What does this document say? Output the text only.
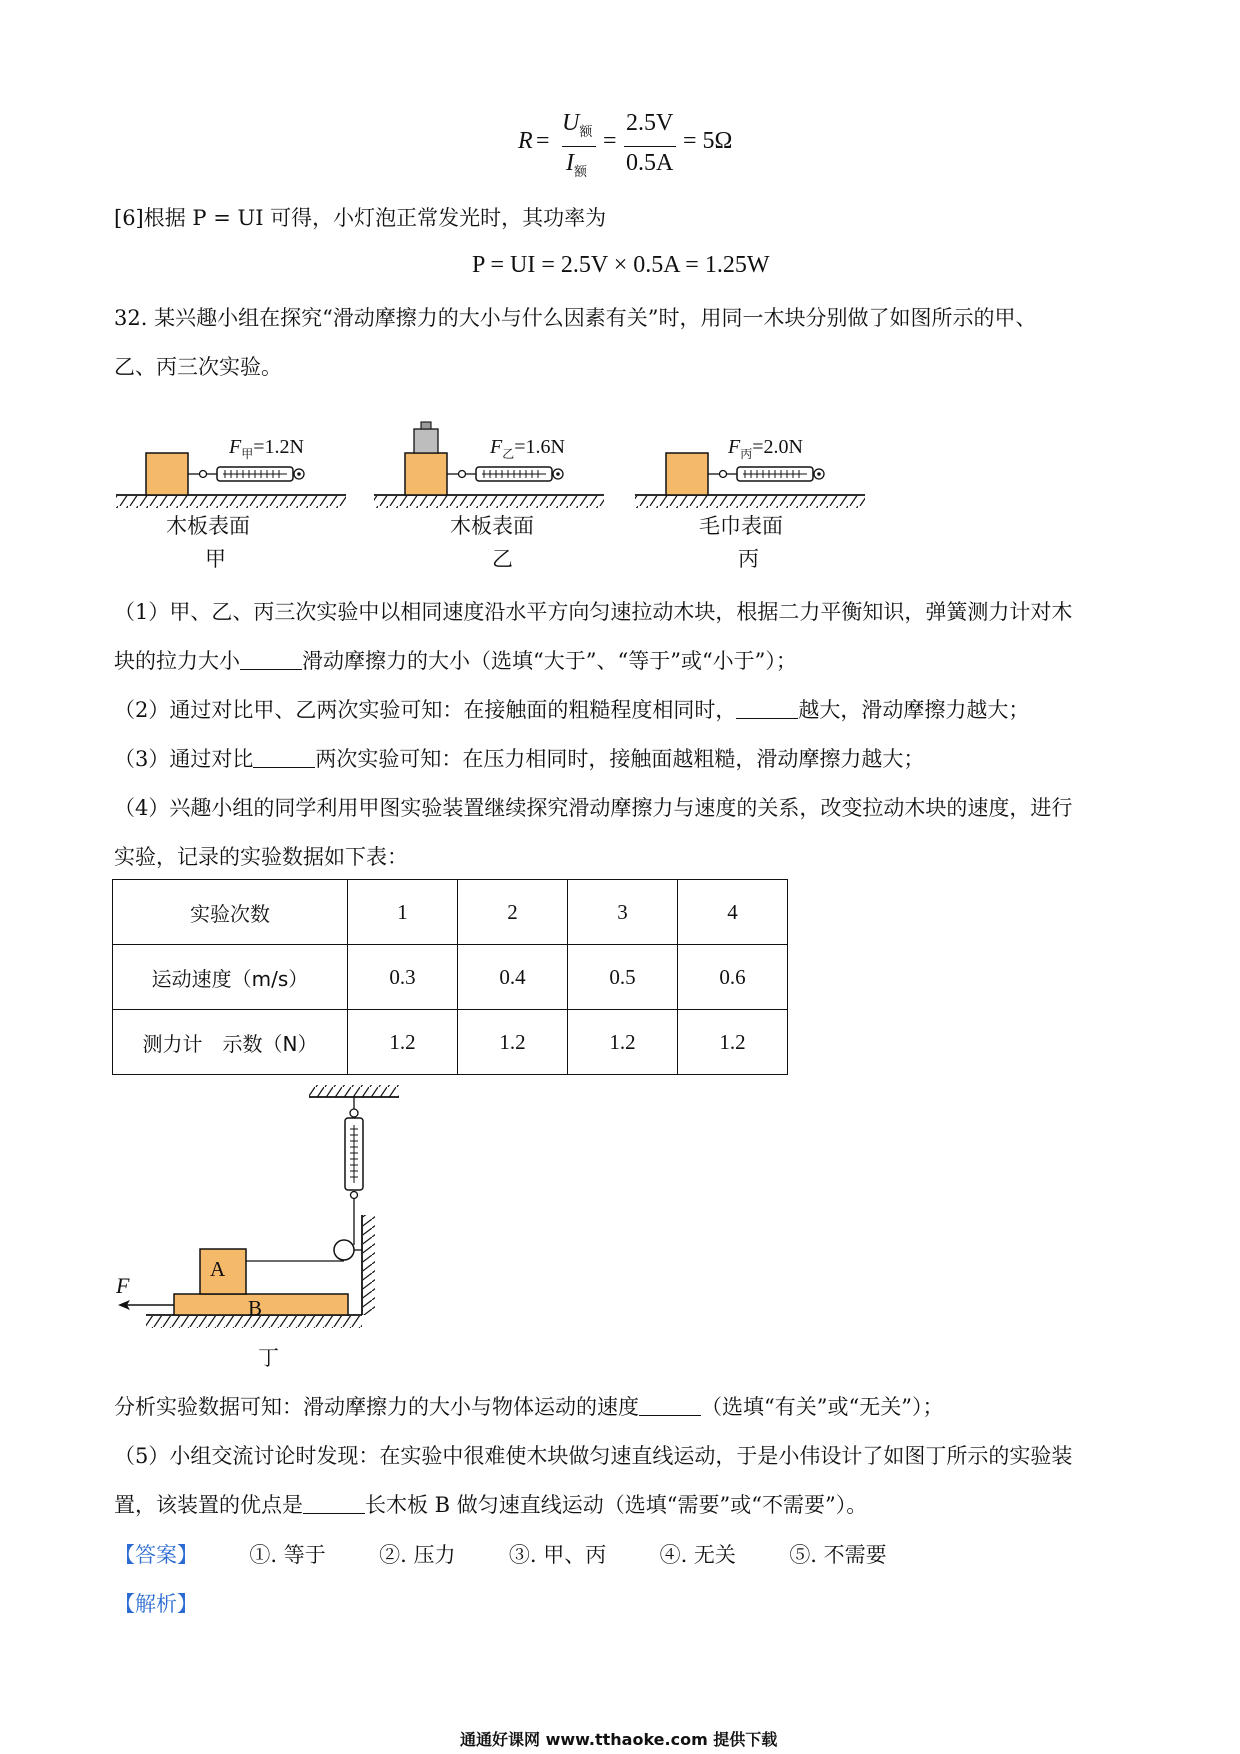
R =
$U_额$
$I_额$
=
2.5V
0.5A
= 5Ω
[6]根据 P = UI 可得，小灯泡正常发光时，其功率为
P = UI = 2.5V × 0.5A = 1.25W
32. 某兴趣小组在探究“滑动摩擦力的大小与什么因素有关”时，用同一木块分别做了如图所示的甲、
乙、丙三次实验。
$F_甲=1.2N$	$F_乙=1.6N$	$F_丙=2.0N$
木板表面	木板表面	毛巾表面
甲	乙	丙
（1）甲、乙、丙三次实验中以相同速度沿水平方向匀速拉动木块，根据二力平衡知识，弹簧测力计对木
块的拉力大小	滑动摩擦力的大小（选填“大于”、“等于”或“小于”）；
（2）通过对比甲、乙两次实验可知：在接触面的粗糙程度相同时，	越大，滑动摩擦力越大；
（3）通过对比	两次实验可知：在压力相同时，接触面越粗糙，滑动摩擦力越大；
（4）兴趣小组的同学利用甲图实验装置继续探究滑动摩擦力与速度的关系，改变拉动木块的速度，进行
实验，记录的实验数据如下表：
实验次数	1	2	3	4
运动速度（m/s）	0.3	0.4	0.5	0.6
测力计　示数（N）	1.2	1.2	1.2	1.2
A
B
F
丁
分析实验数据可知：滑动摩擦力的大小与物体运动的速度	（选填“有关”或“无关”）；
（5）小组交流讨论时发现：在实验中很难使木块做匀速直线运动，于是小伟设计了如图丁所示的实验装
置，该装置的优点是	长木板 B 做匀速直线运动（选填“需要”或“不需要”）。
【答案】 ①. 等于	②. 压力	③. 甲、丙	④. 无关	⑤. 不需要
【解析】
通通好课网 www.tthaoke.com 提供下载
